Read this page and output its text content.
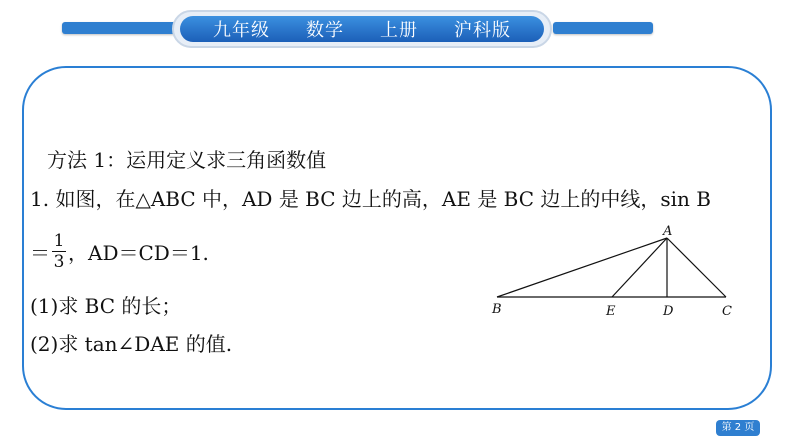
九年级 数学 上册 沪科版
方法 1：运用定义求三角函数值
1. 如图，在△ABC 中，AD 是 BC 边上的高，AE 是 BC 边上的中线，sin B
＝ $\frac{1}{3}$ ，AD＝CD＝1.
(1)求 BC 的长；
(2)求 tan∠DAE 的值.
A
B	E	D	C
第 2 页
